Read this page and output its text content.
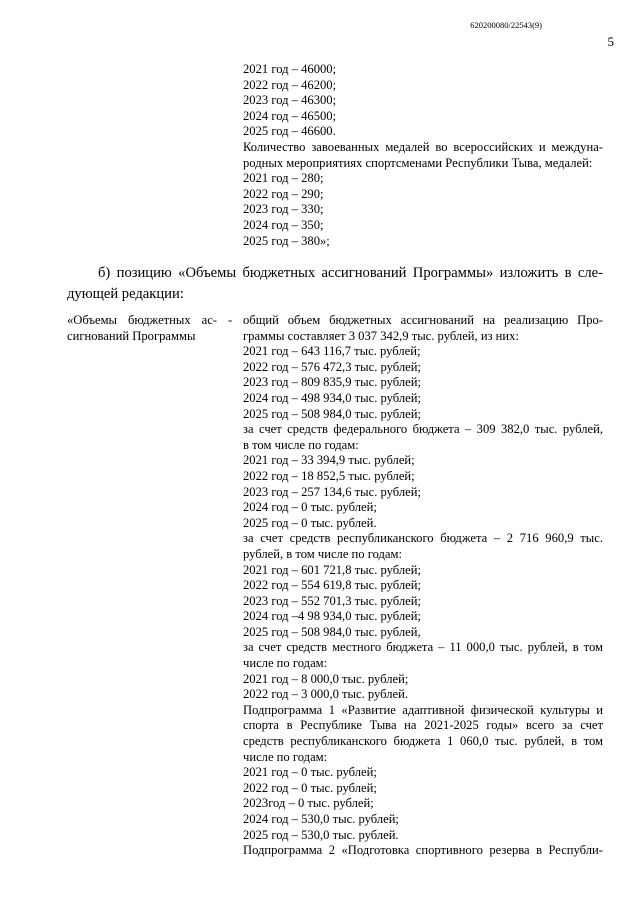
620200080/22543(9)
5
2021 год – 46000;
2022 год – 46200;
2023 год – 46300;
2024 год – 46500;
2025 год – 46600.
Количество завоеванных медалей во всероссийских и междуна-
родных мероприятиях спортсменами Республики Тыва, медалей:
2021 год – 280;
2022 год – 290;
2023 год – 330;
2024 год – 350;
2025 год – 380»;
б) позицию «Объемы бюджетных ассигнований Программы» изложить в сле-
дующей редакции:
«Объемы бюджетных ас-
сигнований Программы
- общий объем бюджетных ассигнований на реализацию Про-
граммы составляет 3 037 342,9 тыс. рублей, из них:
2021 год – 643 116,7 тыс. рублей;
2022 год – 576 472,3 тыс. рублей;
2023 год – 809 835,9 тыс. рублей;
2024 год – 498 934,0 тыс. рублей;
2025 год – 508 984,0 тыс. рублей;
за счет средств федерального бюджета – 309 382,0 тыс. рублей,
в том числе по годам:
2021 год – 33 394,9 тыс. рублей;
2022 год – 18 852,5 тыс. рублей;
2023 год – 257 134,6 тыс. рублей;
2024 год – 0 тыс. рублей;
2025 год – 0 тыс. рублей.
за счет средств республиканского бюджета – 2 716 960,9 тыс.
рублей, в том числе по годам:
2021 год – 601 721,8 тыс. рублей;
2022 год – 554 619,8 тыс. рублей;
2023 год – 552 701,3 тыс. рублей;
2024 год –4 98 934,0 тыс. рублей;
2025 год – 508 984,0 тыс. рублей,
за счет средств местного бюджета – 11 000,0 тыс. рублей, в том
числе по годам:
2021 год – 8 000,0 тыс. рублей;
2022 год – 3 000,0 тыс. рублей.
Подпрограмма 1 «Развитие адаптивной физической культуры и
спорта в Республике Тыва на 2021-2025 годы» всего за счет
средств республиканского бюджета 1 060,0 тыс. рублей, в том
числе по годам:
2021 год – 0 тыс. рублей;
2022 год – 0 тыс. рублей;
2023год – 0 тыс. рублей;
2024 год – 530,0 тыс. рублей;
2025 год – 530,0 тыс. рублей.
Подпрограмма 2 «Подготовка спортивного резерва в Республи-
